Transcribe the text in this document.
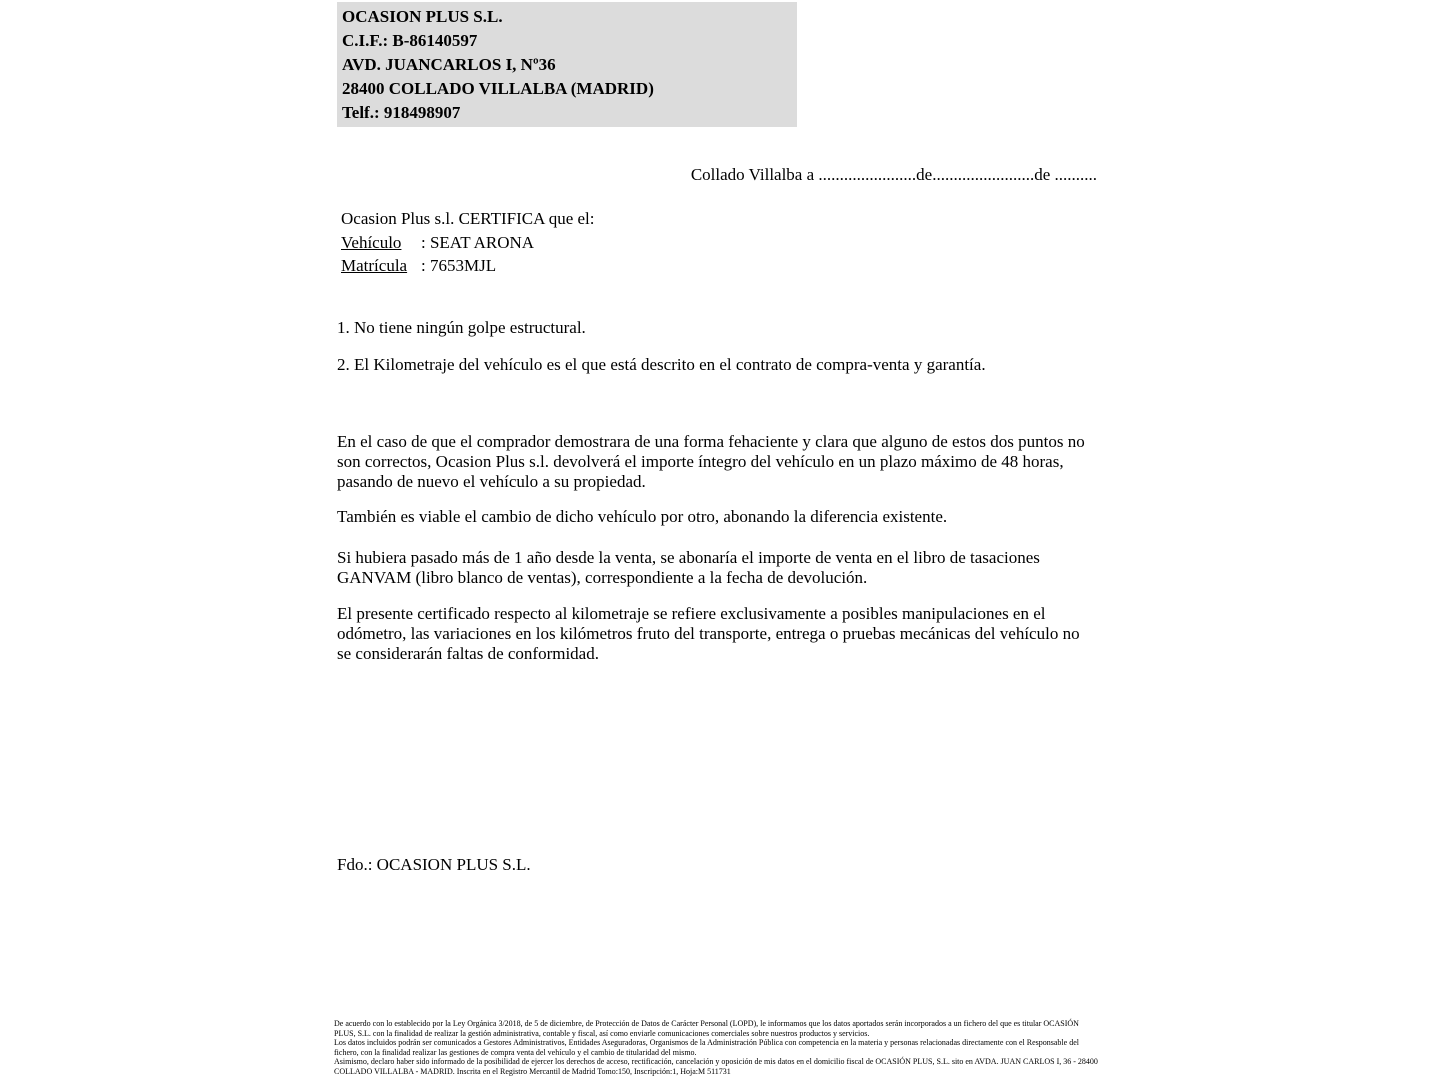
OCASION PLUS S.L.
C.I.F.: B-86140597
AVD. JUANCARLOS I, Nº36
28400 COLLADO VILLALBA (MADRID)
Telf.: 918498907
Collado Villalba a .......................de........................de ..........
Ocasion Plus s.l. CERTIFICA que el:
Vehículo : SEAT ARONA
Matrícula : 7653MJL
1. No tiene ningún golpe estructural.
2. El Kilometraje del vehículo es el que está descrito en el contrato de compra-venta y garantía.
En el caso de que el comprador demostrara de una forma fehaciente y clara que alguno de estos dos puntos no son correctos, Ocasion Plus s.l. devolverá el importe íntegro del vehículo en un plazo máximo de 48 horas, pasando de nuevo el vehículo a su propiedad.
También es viable el cambio de dicho vehículo por otro, abonando la diferencia existente.
Si hubiera pasado más de 1 año desde la venta, se abonaría el importe de venta en el libro de tasaciones GANVAM (libro blanco de ventas), correspondiente a la fecha de devolución.
El presente certificado respecto al kilometraje se refiere exclusivamente a posibles manipulaciones en el odómetro, las variaciones en los kilómetros fruto del transporte, entrega o pruebas mecánicas del vehículo no se considerarán faltas de conformidad.
Fdo.: OCASION PLUS S.L.
De acuerdo con lo establecido por la Ley Orgánica 3/2018, de 5 de diciembre, de Protección de Datos de Carácter Personal (LOPD), le informamos que los datos aportados serán incorporados a un fichero del que es titular OCASIÓN PLUS, S.L. con la finalidad de realizar la gestión administrativa, contable y fiscal, así como enviarle comunicaciones comerciales sobre nuestros productos y servicios.
Los datos incluidos podrán ser comunicados a Gestores Administrativos, Entidades Aseguradoras, Organismos de la Administración Pública con competencia en la materia y personas relacionadas directamente con el Responsable del fichero, con la finalidad realizar las gestiones de compra venta del vehículo y el cambio de titularidad del mismo.
Asimismo, declaro haber sido informado de la posibilidad de ejercer los derechos de acceso, rectificación, cancelación y oposición de mis datos en el domicilio fiscal de OCASIÓN PLUS, S.L. sito en AVDA. JUAN CARLOS I, 36 - 28400 COLLADO VILLALBA - MADRID. Inscrita en el Registro Mercantil de Madrid Tomo:150, Inscripción:1, Hoja:M 511731
